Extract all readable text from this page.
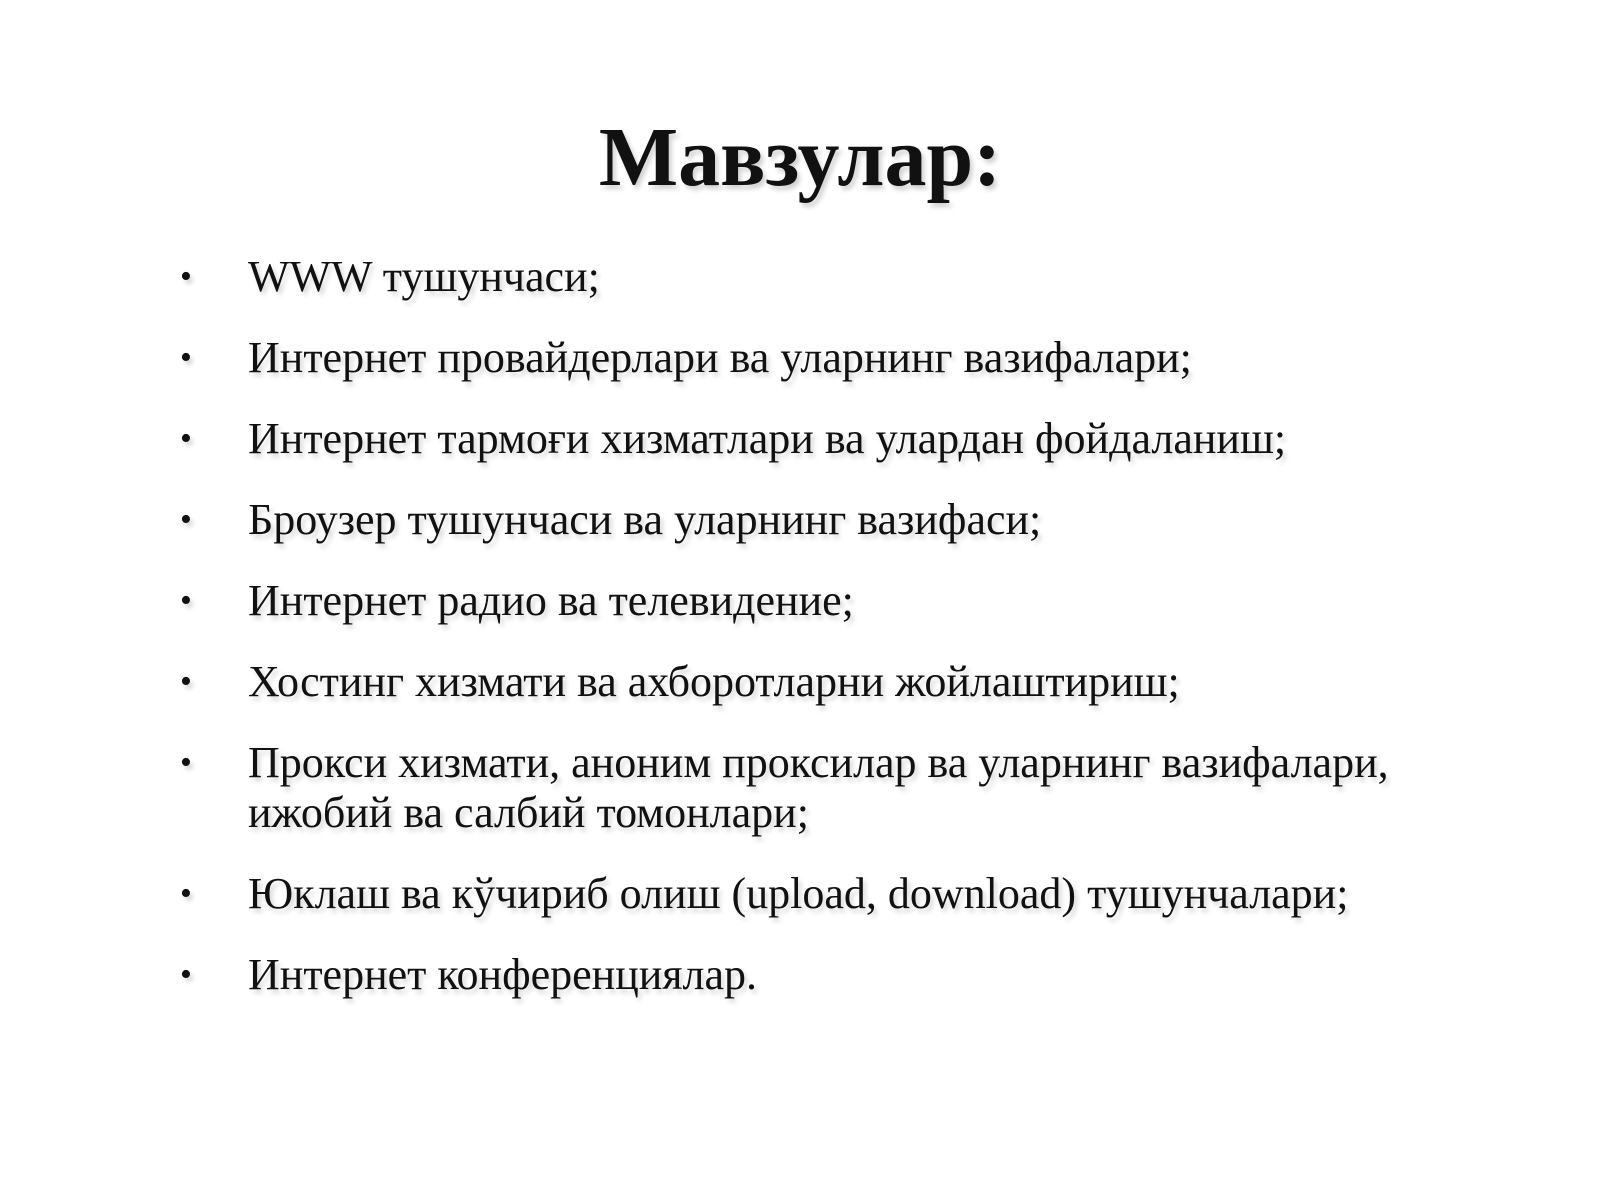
Мавзулар:
•	WWW тушунчаси;
•	Интернет провайдерлари ва уларнинг вазифалари;
•	Интернет тармоғи хизматлари ва улардан фойдаланиш;
•	Броузер тушунчаси ва уларнинг вазифаси;
•	Интернет радио ва телевидение;
•	Хостинг хизмати ва ахборотларни жойлаштириш;
•	Прокси хизмати, аноним проксилар ва уларнинг вазифалари, ижобий ва салбий томонлари;
•	Юклаш ва кўчириб олиш (upload, download) тушунчалари;
•	Интернет конференциялар.
